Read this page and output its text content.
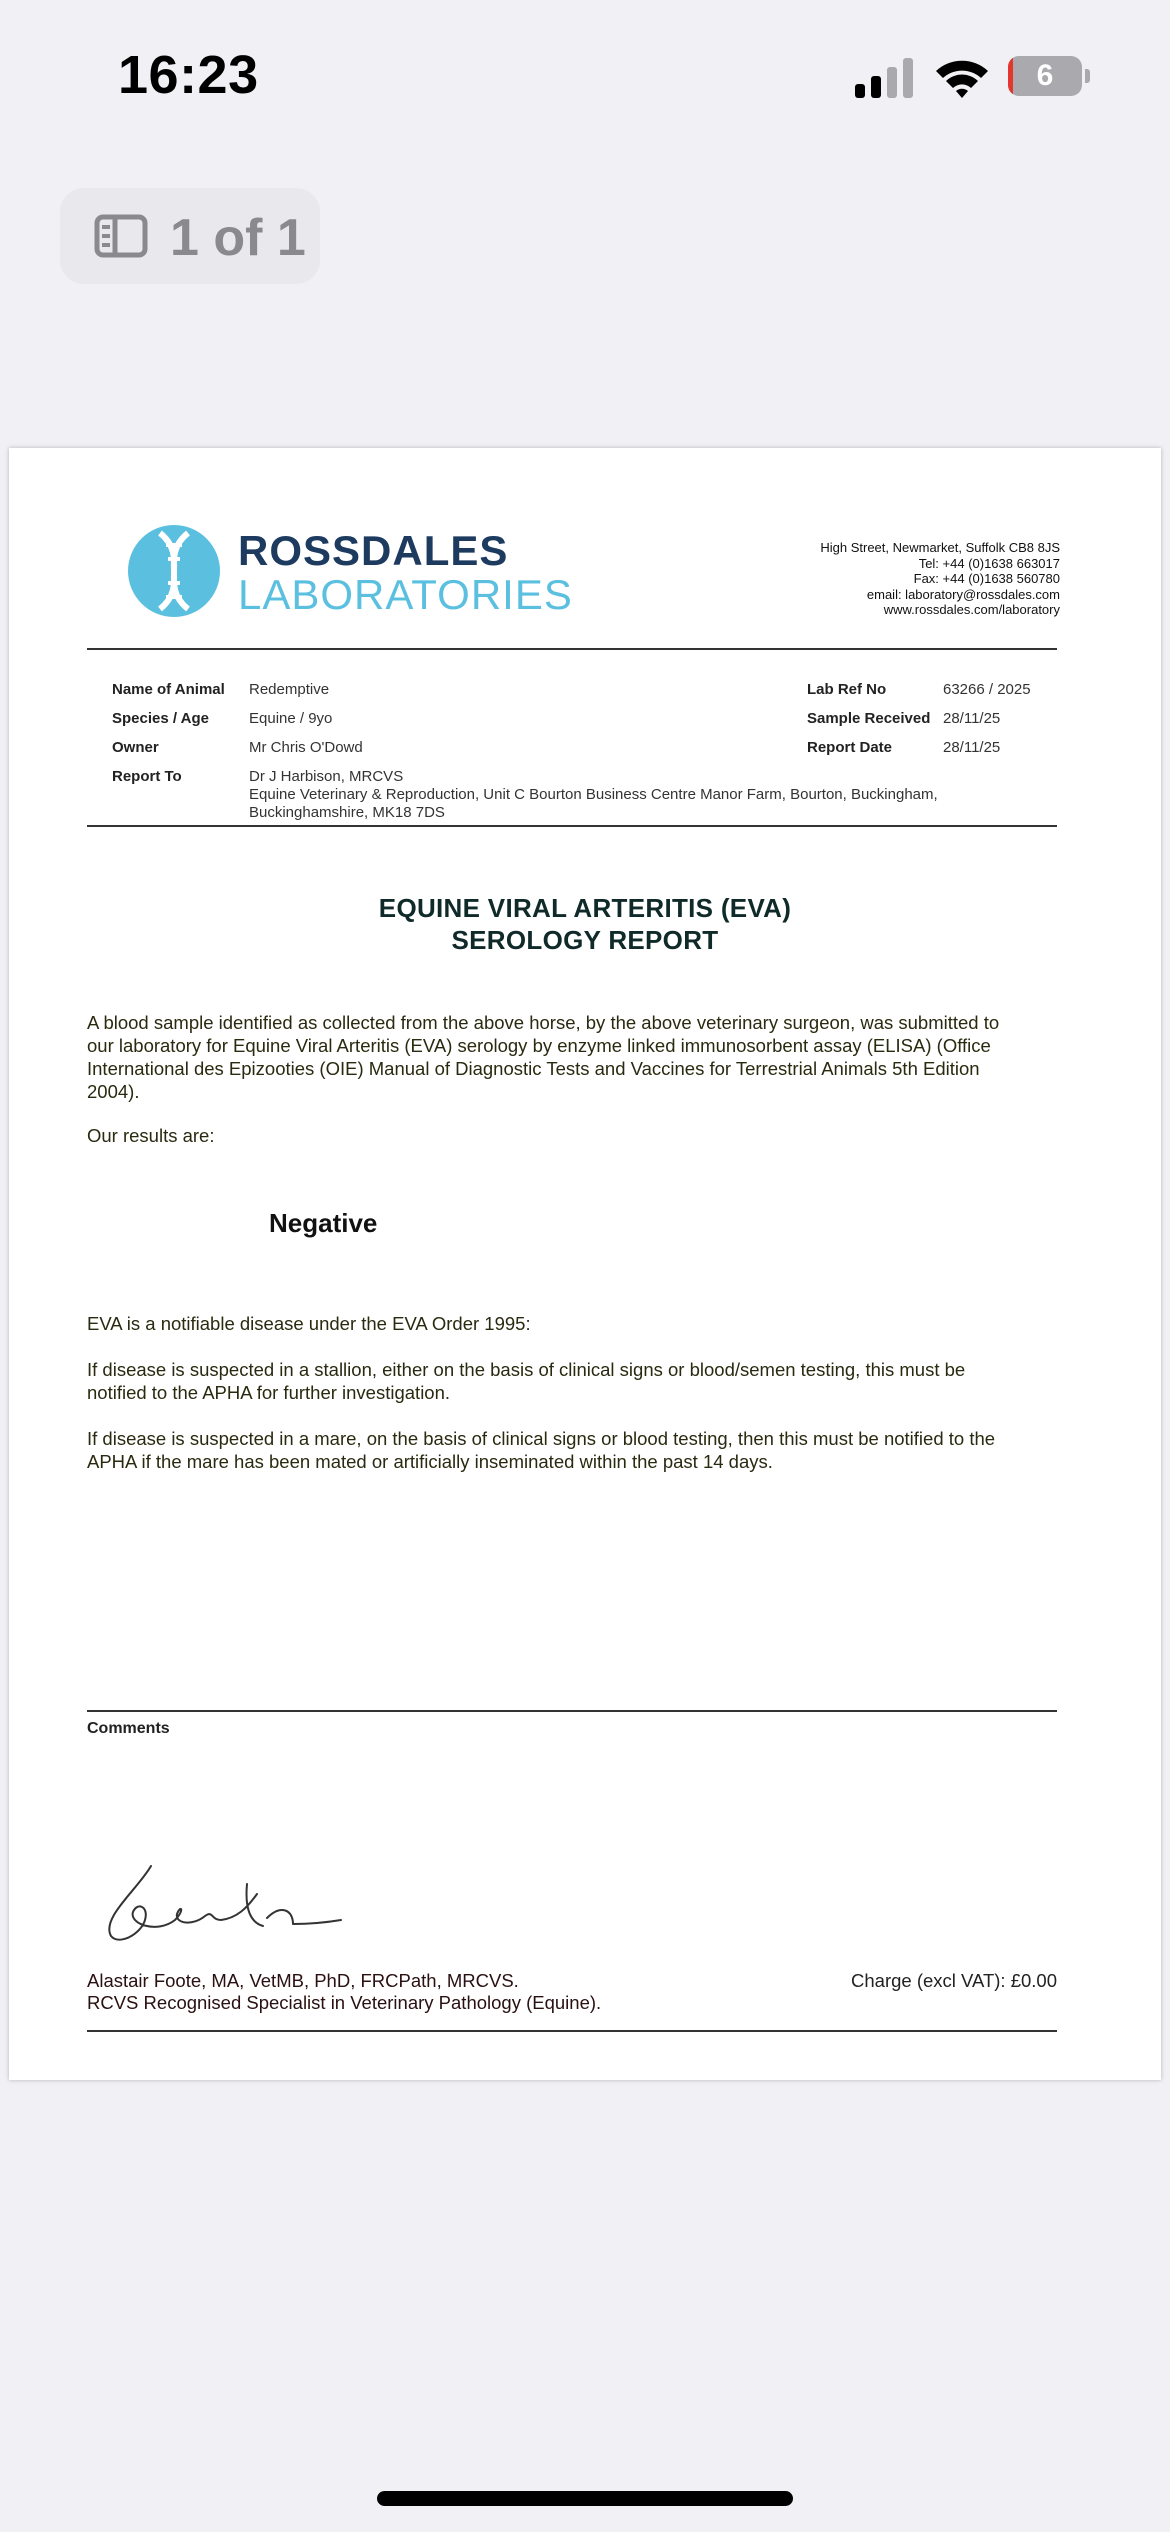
16:23	6
1 of 1
ROSSDALES
LABORATORIES
High Street, Newmarket, Suffolk CB8 8JS
Tel: +44 (0)1638 663017
Fax: +44 (0)1638 560780
email: laboratory@rossdales.com
www.rossdales.com/laboratory
Name of Animal Redemptive
Species / Age	Equine / 9yo
Owner	Mr Chris O'Dowd
Report To	Dr J Harbison, MRCVS
Equine Veterinary & Reproduction, Unit C Bourton Business Centre Manor Farm, Bourton, Buckingham,
Buckinghamshire, MK18 7DS
Lab Ref No	63266 / 2025
Sample Received 28/11/25
Report Date	28/11/25
EQUINE VIRAL ARTERITIS (EVA)
SEROLOGY REPORT
A blood sample identified as collected from the above horse, by the above veterinary surgeon, was submitted to
our laboratory for Equine Viral Arteritis (EVA) serology by enzyme linked immunosorbent assay (ELISA) (Office
International des Epizooties (OIE) Manual of Diagnostic Tests and Vaccines for Terrestrial Animals 5th Edition
2004).
Our results are:
Negative
EVA is a notifiable disease under the EVA Order 1995:
If disease is suspected in a stallion, either on the basis of clinical signs or blood/semen testing, this must be
notified to the APHA for further investigation.
If disease is suspected in a mare, on the basis of clinical signs or blood testing, then this must be notified to the
APHA if the mare has been mated or artificially inseminated within the past 14 days.
Comments
Alastair Foote, MA, VetMB, PhD, FRCPath, MRCVS.
RCVS Recognised Specialist in Veterinary Pathology (Equine).
Charge (excl VAT): £0.00
